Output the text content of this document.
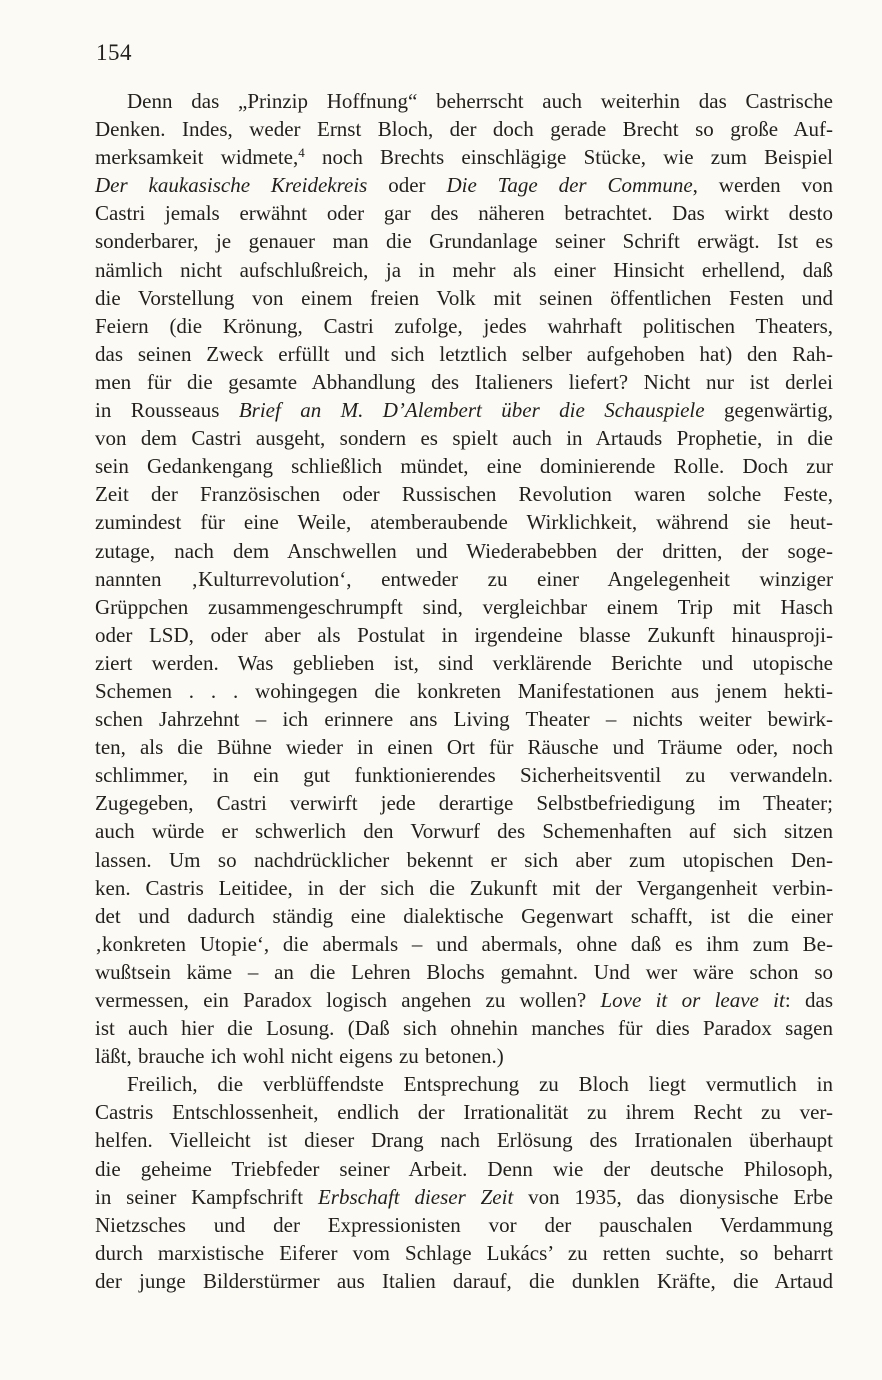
154
Denn das „Prinzip Hoffnung“ beherrscht auch weiterhin das Castrische
Denken. Indes, weder Ernst Bloch, der doch gerade Brecht so große Auf-
merksamkeit widmete,$^4$ noch Brechts einschlägige Stücke, wie zum Beispiel
Der kaukasische Kreidekreis oder Die Tage der Commune, werden von
Castri jemals erwähnt oder gar des näheren betrachtet. Das wirkt desto
sonderbarer, je genauer man die Grundanlage seiner Schrift erwägt. Ist es
nämlich nicht aufschlußreich, ja in mehr als einer Hinsicht erhellend, daß
die Vorstellung von einem freien Volk mit seinen öffentlichen Festen und
Feiern (die Krönung, Castri zufolge, jedes wahrhaft politischen Theaters,
das seinen Zweck erfüllt und sich letztlich selber aufgehoben hat) den Rah-
men für die gesamte Abhandlung des Italieners liefert? Nicht nur ist derlei
in Rousseaus Brief an M. D’Alembert über die Schauspiele gegenwärtig,
von dem Castri ausgeht, sondern es spielt auch in Artauds Prophetie, in die
sein Gedankengang schließlich mündet, eine dominierende Rolle. Doch zur
Zeit der Französischen oder Russischen Revolution waren solche Feste,
zumindest für eine Weile, atemberaubende Wirklichkeit, während sie heut-
zutage, nach dem Anschwellen und Wiederabebben der dritten, der soge-
nannten ‚Kulturrevolution‘, entweder zu einer Angelegenheit winziger
Grüppchen zusammengeschrumpft sind, vergleichbar einem Trip mit Hasch
oder LSD, oder aber als Postulat in irgendeine blasse Zukunft hinausproji-
ziert werden. Was geblieben ist, sind verklärende Berichte und utopische
Schemen . . . wohingegen die konkreten Manifestationen aus jenem hekti-
schen Jahrzehnt – ich erinnere ans Living Theater – nichts weiter bewirk-
ten, als die Bühne wieder in einen Ort für Räusche und Träume oder, noch
schlimmer, in ein gut funktionierendes Sicherheitsventil zu verwandeln.
Zugegeben, Castri verwirft jede derartige Selbstbefriedigung im Theater;
auch würde er schwerlich den Vorwurf des Schemenhaften auf sich sitzen
lassen. Um so nachdrücklicher bekennt er sich aber zum utopischen Den-
ken. Castris Leitidee, in der sich die Zukunft mit der Vergangenheit verbin-
det und dadurch ständig eine dialektische Gegenwart schafft, ist die einer
‚konkreten Utopie‘, die abermals – und abermals, ohne daß es ihm zum Be-
wußtsein käme – an die Lehren Blochs gemahnt. Und wer wäre schon so
vermessen, ein Paradox logisch angehen zu wollen? Love it or leave it: das
ist auch hier die Losung. (Daß sich ohnehin manches für dies Paradox sagen
läßt, brauche ich wohl nicht eigens zu betonen.)
Freilich, die verblüffendste Entsprechung zu Bloch liegt vermutlich in
Castris Entschlossenheit, endlich der Irrationalität zu ihrem Recht zu ver-
helfen. Vielleicht ist dieser Drang nach Erlösung des Irrationalen überhaupt
die geheime Triebfeder seiner Arbeit. Denn wie der deutsche Philosoph,
in seiner Kampfschrift Erbschaft dieser Zeit von 1935, das dionysische Erbe
Nietzsches und der Expressionisten vor der pauschalen Verdammung
durch marxistische Eiferer vom Schlage Lukács’ zu retten suchte, so beharrt
der junge Bilderstürmer aus Italien darauf, die dunklen Kräfte, die Artaud
